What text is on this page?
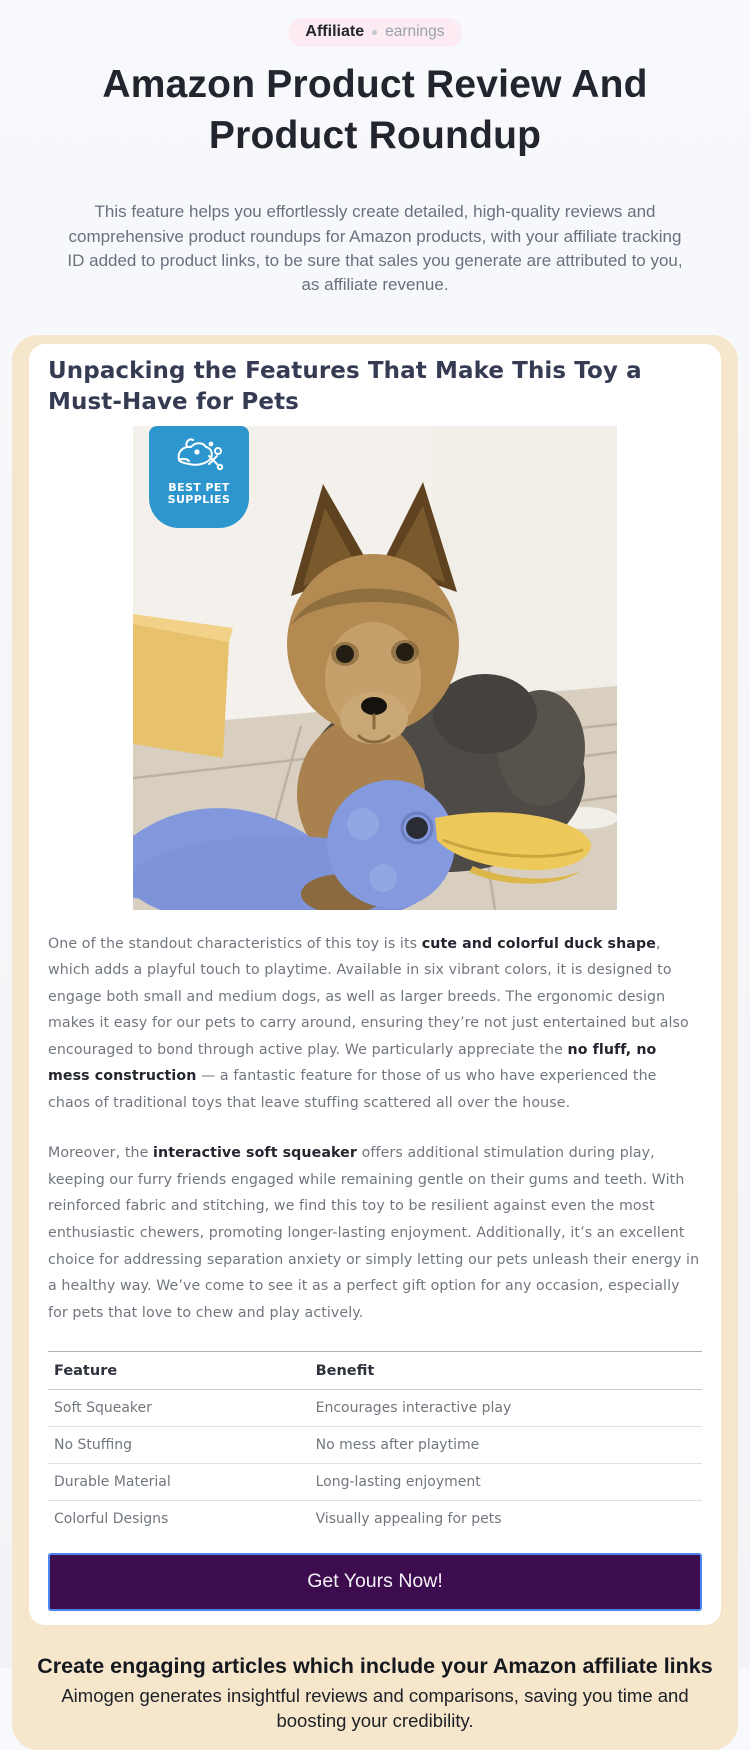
Affiliate earnings
Amazon Product Review And Product Roundup

This feature helps you effortlessly create detailed, high-quality reviews and comprehensive product roundups for Amazon products, with your affiliate tracking ID added to product links, to be sure that sales you generate are attributed to you, as affiliate revenue.

Unpacking the Features That Make This Toy a Must-Have for Pets
BEST PET
SUPPLIES

One of the standout characteristics of this toy is its cute and colorful duck shape, which adds a playful touch to playtime. Available in six vibrant colors, it is designed to engage both small and medium dogs, as well as larger breeds. The ergonomic design makes it easy for our pets to carry around, ensuring they’re not just entertained but also encouraged to bond through active play. We particularly appreciate the no fluff, no mess construction — a fantastic feature for those of us who have experienced the chaos of traditional toys that leave stuffing scattered all over the house.

Moreover, the interactive soft squeaker offers additional stimulation during play, keeping our furry friends engaged while remaining gentle on their gums and teeth. With reinforced fabric and stitching, we find this toy to be resilient against even the most enthusiastic chewers, promoting longer-lasting enjoyment. Additionally, it’s an excellent choice for addressing separation anxiety or simply letting our pets unleash their energy in a healthy way. We’ve come to see it as a perfect gift option for any occasion, especially for pets that love to chew and play actively.

Feature	Benefit
Soft Squeaker	Encourages interactive play
No Stuffing	No mess after playtime
Durable Material	Long-lasting enjoyment
Colorful Designs	Visually appealing for pets
Get Yours Now!
Create engaging articles which include your Amazon affiliate links

Aimogen generates insightful reviews and comparisons, saving you time and boosting your credibility.
